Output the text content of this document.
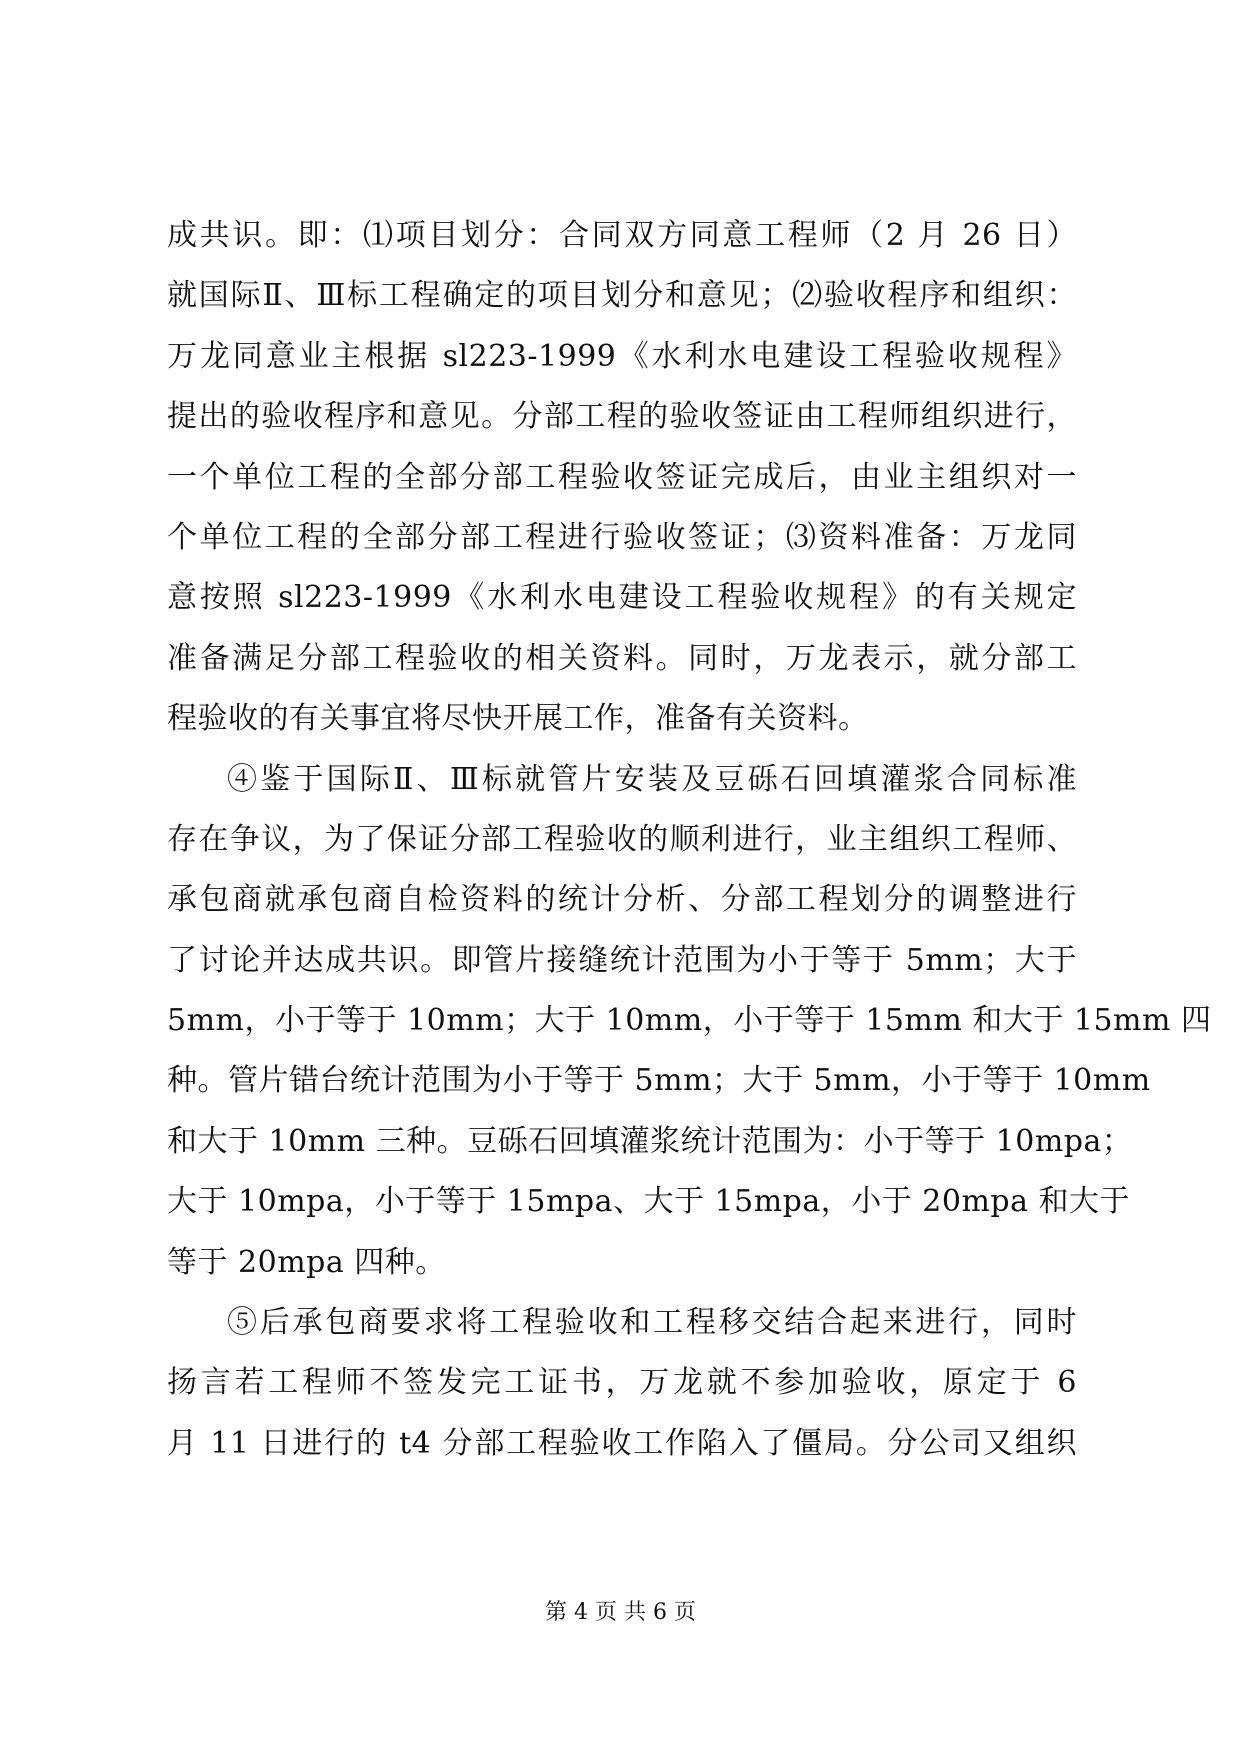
成共识。即：⑴项目划分：合同双方同意工程师（2 月 26 日）
就国际Ⅱ、Ⅲ标工程确定的项目划分和意见；⑵验收程序和组织：
万龙同意业主根据 sl223-1999《水利水电建设工程验收规程》
提出的验收程序和意见。分部工程的验收签证由工程师组织进行，
一个单位工程的全部分部工程验收签证完成后，由业主组织对一
个单位工程的全部分部工程进行验收签证；⑶资料准备：万龙同
意按照 sl223-1999《水利水电建设工程验收规程》的有关规定
准备满足分部工程验收的相关资料。同时，万龙表示，就分部工
程验收的有关事宜将尽快开展工作，准备有关资料。
④鉴于国际Ⅱ、Ⅲ标就管片安装及豆砾石回填灌浆合同标准
存在争议，为了保证分部工程验收的顺利进行，业主组织工程师、
承包商就承包商自检资料的统计分析、分部工程划分的调整进行
了讨论并达成共识。即管片接缝统计范围为小于等于 5mm；大于
5mm，小于等于 10mm；大于 10mm，小于等于 15mm 和大于 15mm 四
种。管片错台统计范围为小于等于 5mm；大于 5mm，小于等于 10mm
和大于 10mm 三种。豆砾石回填灌浆统计范围为：小于等于 10mpa；
大于 10mpa，小于等于 15mpa、大于 15mpa，小于 20mpa 和大于
等于 20mpa 四种。
⑤后承包商要求将工程验收和工程移交结合起来进行，同时
扬言若工程师不签发完工证书，万龙就不参加验收，原定于 6
月 11 日进行的 t4 分部工程验收工作陷入了僵局。分公司又组织
第 4 页 共 6 页
